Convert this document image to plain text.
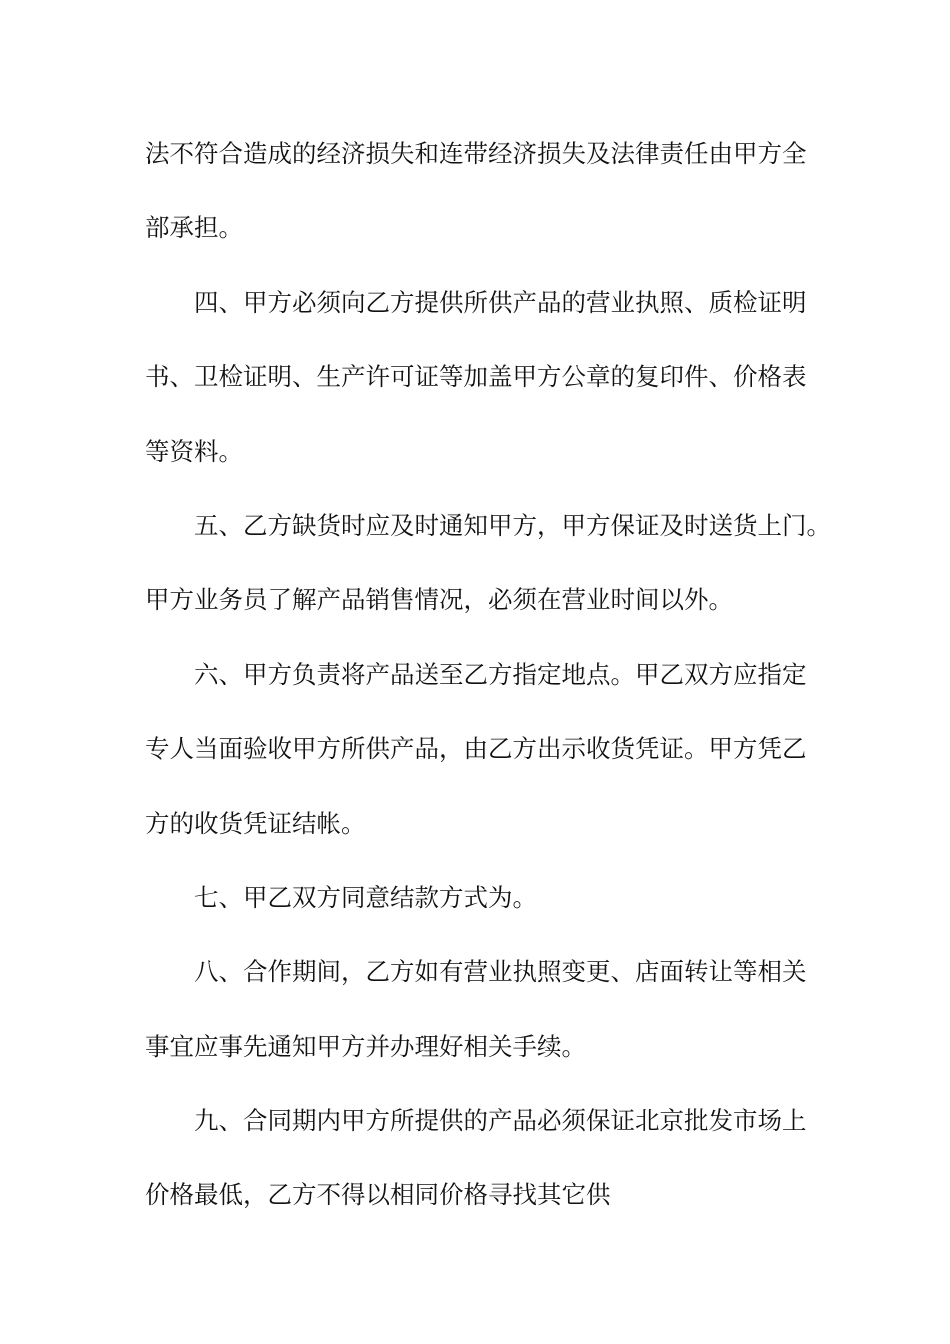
法不符合造成的经济损失和连带经济损失及法律责任由甲方全
部承担。
四、甲方必须向乙方提供所供产品的营业执照、质检证明
书、卫检证明、生产许可证等加盖甲方公章的复印件、价格表
等资料。
五、乙方缺货时应及时通知甲方，甲方保证及时送货上门。
甲方业务员了解产品销售情况，必须在营业时间以外。
六、甲方负责将产品送至乙方指定地点。甲乙双方应指定
专人当面验收甲方所供产品，由乙方出示收货凭证。甲方凭乙
方的收货凭证结帐。
七、甲乙双方同意结款方式为。
八、合作期间，乙方如有营业执照变更、店面转让等相关
事宜应事先通知甲方并办理好相关手续。
九、合同期内甲方所提供的产品必须保证北京批发市场上
价格最低，乙方不得以相同价格寻找其它供
